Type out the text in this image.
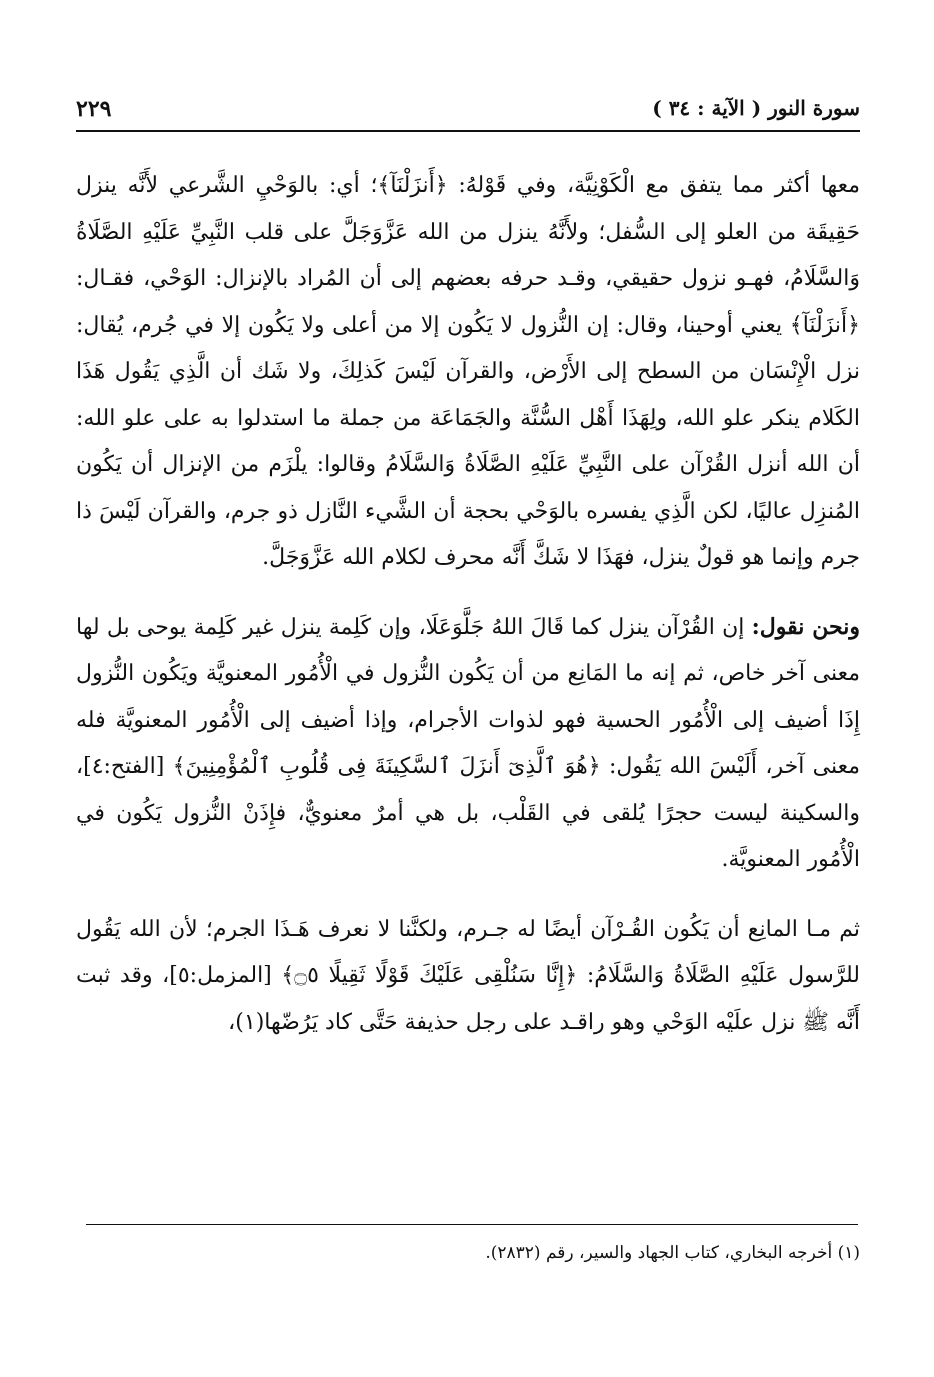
سورة النور ( الآية : ٣٤ )
٢٢٩

معها أكثر مما يتفق مع الْكَوْنِيَّة، وفي قَوْلهُ: ﴿أَنزَلْنَآ﴾؛ أي: بالوَحْيِ الشَّرعي لأَنَّه ينزل حَقِيقَة من العلو إلى السُّفل؛ ولأَنَّهُ ينزل من الله عَزَّوَجَلَّ على قلب النَّبِيِّ عَلَيْهِ الصَّلَاةُ وَالسَّلَامُ، فهـو نزول حقيقي، وقـد حرفه بعضهم إلى أن المُراد بالإنزال: الوَحْي، فقـال: ﴿أَنزَلْنَآ﴾ يعني أوحينا، وقال: إن النُّزول لا يَكُون إلا من أعلى ولا يَكُون إلا في جُرم، يُقال: نزل الْإِنْسَان من السطح إلى الأَرْض، والقرآن لَيْسَ كَذلِكَ، ولا شَك أن الَّذِي يَقُول هَذَا الكَلام ينكر علو الله، ولِهَذَا أَهْل السُّنَّة والجَمَاعَة من جملة ما استدلوا به على علو الله: أن الله أنزل القُرْآن على النَّبِيِّ عَلَيْهِ الصَّلَاةُ وَالسَّلَامُ وقالوا: يلْزَم من الإنزال أن يَكُون المُنزِل عاليًا، لكن الَّذِي يفسره بالوَحْي بحجة أن الشَّيء النَّازل ذو جرم، والقرآن لَيْسَ ذا جرم وإنما هو قولٌ ينزل، فهَذَا لا شَكَّ أَنَّه محرف لكلام الله عَزَّوَجَلَّ.

ونحن نقول: إن القُرْآن ينزل كما قَالَ اللهُ جَلَّوَعَلَا، وإن كَلِمة ينزل غير كَلِمة يوحى بل لها معنى آخر خاص، ثم إنه ما المَانِع من أن يَكُون النُّزول في الْأُمُور المعنويَّة ويَكُون النُّزول إِذَا أضيف إلى الْأُمُور الحسية فهو لذوات الأجرام، وإذا أضيف إلى الْأُمُور المعنويَّة فله معنى آخر، أَلَيْسَ الله يَقُول: ﴿هُوَ ٱلَّذِىٓ أَنزَلَ ٱلسَّكِينَةَ فِى قُلُوبِ ٱلْمُؤْمِنِينَ﴾ [الفتح:٤]، والسكينة ليست حجرًا يُلقى في القَلْب، بل هي أمرٌ معنويٌّ، فإِذَنْ النُّزول يَكُون في الْأُمُور المعنويَّة.

ثم مـا المانِع أن يَكُون القُـرْآن أيضًا له جـرم، ولكنَّنا لا نعرف هَـذَا الجرم؛ لأن الله يَقُول للرَّسول عَلَيْهِ الصَّلَاةُ وَالسَّلَامُ: ﴿إِنَّا سَنُلْقِى عَلَيْكَ قَوْلًا ثَقِيلًا ۝٥﴾ [المزمل:٥]، وقد ثبت أَنَّه ﷺ نزل علَيْه الوَحْي وهو راقـد على رجل حذيفة حَتَّى كاد يَرُضّها(١)،

(١) أخرجه البخاري، كتاب الجهاد والسير، رقم (٢٨٣٢).
